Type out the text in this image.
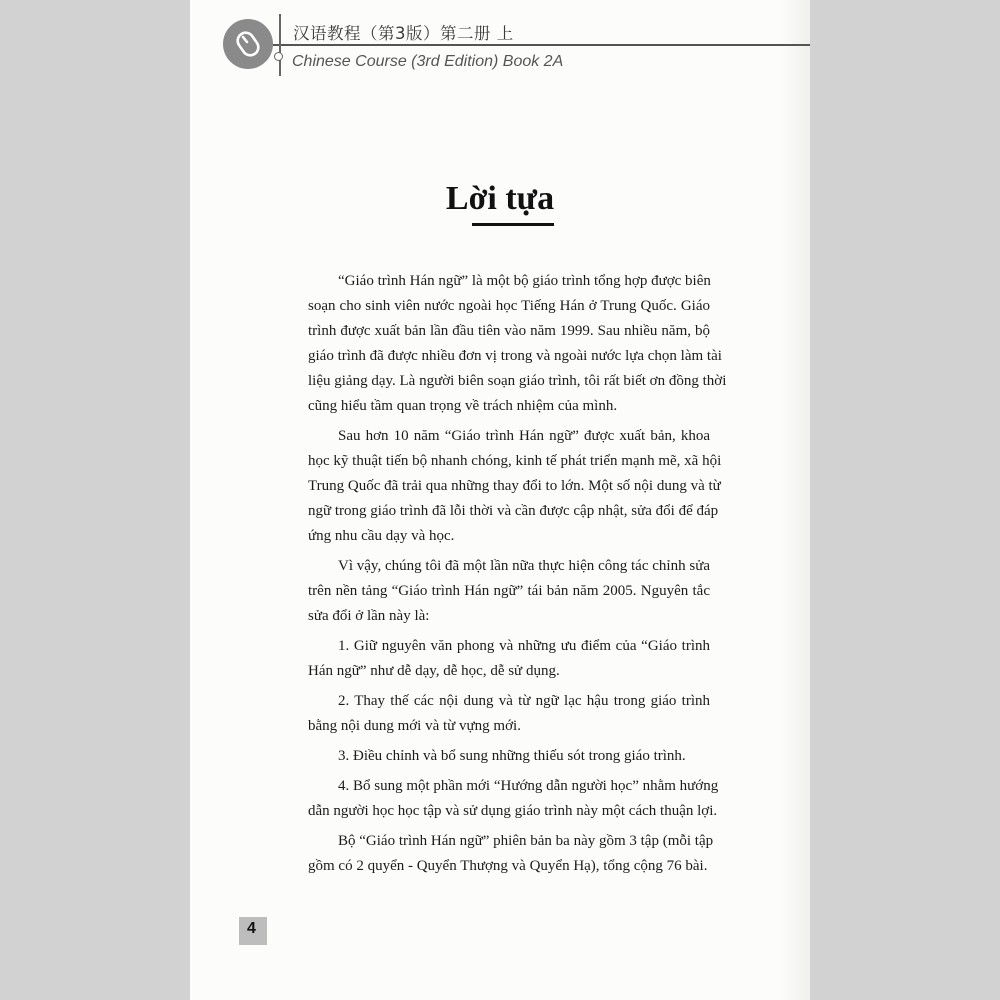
汉语教程（第3版）第二册 上
Chinese Course (3rd Edition) Book 2A
Lời tựa
“Giáo trình Hán ngữ” là một bộ giáo trình tổng hợp được biên
soạn cho sinh viên nước ngoài học Tiếng Hán ở Trung Quốc. Giáo
trình được xuất bản lần đầu tiên vào năm 1999. Sau nhiều năm, bộ
giáo trình đã được nhiều đơn vị trong và ngoài nước lựa chọn làm tài
liệu giảng dạy. Là người biên soạn giáo trình, tôi rất biết ơn đồng thời
cũng hiểu tầm quan trọng về trách nhiệm của mình.
Sau hơn 10 năm “Giáo trình Hán ngữ” được xuất bản, khoa
học kỹ thuật tiến bộ nhanh chóng, kinh tế phát triển mạnh mẽ, xã hội
Trung Quốc đã trải qua những thay đổi to lớn. Một số nội dung và từ
ngữ trong giáo trình đã lỗi thời và cần được cập nhật, sửa đổi để đáp
ứng nhu cầu dạy và học.
Vì vậy, chúng tôi đã một lần nữa thực hiện công tác chỉnh sửa
trên nền tảng “Giáo trình Hán ngữ” tái bản năm 2005. Nguyên tắc
sửa đổi ở lần này là:
1. Giữ nguyên văn phong và những ưu điểm của “Giáo trình
Hán ngữ” như dễ dạy, dễ học, dễ sử dụng.
2. Thay thế các nội dung và từ ngữ lạc hậu trong giáo trình
bằng nội dung mới và từ vựng mới.
3. Điều chỉnh và bổ sung những thiếu sót trong giáo trình.
4. Bổ sung một phần mới “Hướng dẫn người học” nhằm hướng
dẫn người học học tập và sử dụng giáo trình này một cách thuận lợi.
Bộ “Giáo trình Hán ngữ” phiên bản ba này gồm 3 tập (mỗi tập
gồm có 2 quyển - Quyển Thượng và Quyển Hạ), tổng cộng 76 bài.
4
